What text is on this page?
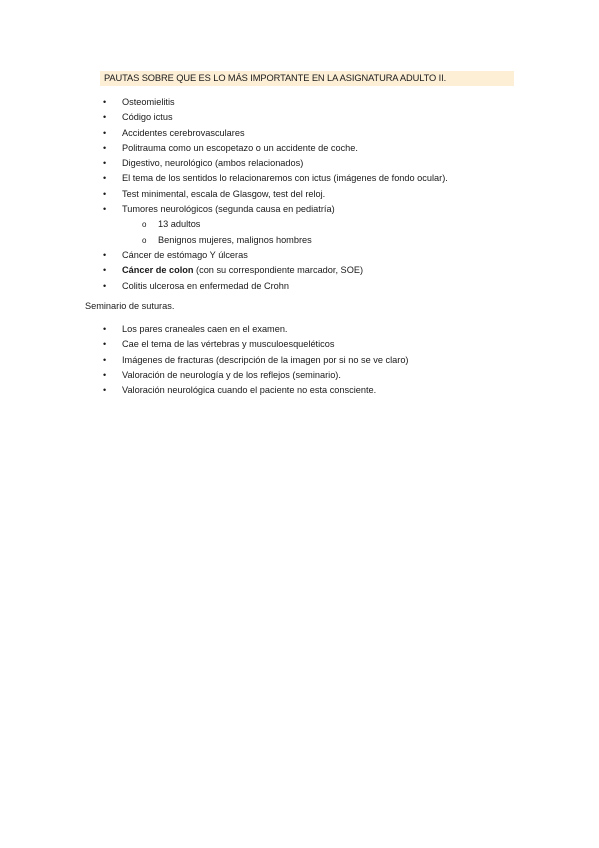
PAUTAS SOBRE QUE ES LO MÁS IMPORTANTE EN LA ASIGNATURA ADULTO II.
• Osteomielitis
• Código ictus
• Accidentes cerebrovasculares
• Politrauma como un escopetazo o un accidente de coche.
• Digestivo, neurológico (ambos relacionados)
• El tema de los sentidos lo relacionaremos con ictus (imágenes de fondo ocular).
• Test minimental, escala de Glasgow, test del reloj.
• Tumores neurológicos (segunda causa en pediatría)
o 13 adultos
o Benignos mujeres, malignos hombres
• Cáncer de estómago Y úlceras
• Cáncer de colon (con su correspondiente marcador, SOE)
• Colitis ulcerosa en enfermedad de Crohn
Seminario de suturas.
• Los pares craneales caen en el examen.
• Cae el tema de las vértebras y musculoesqueléticos
• Imágenes de fracturas (descripción de la imagen por si no se ve claro)
• Valoración de neurología y de los reflejos (seminario).
• Valoración neurológica cuando el paciente no esta consciente.
